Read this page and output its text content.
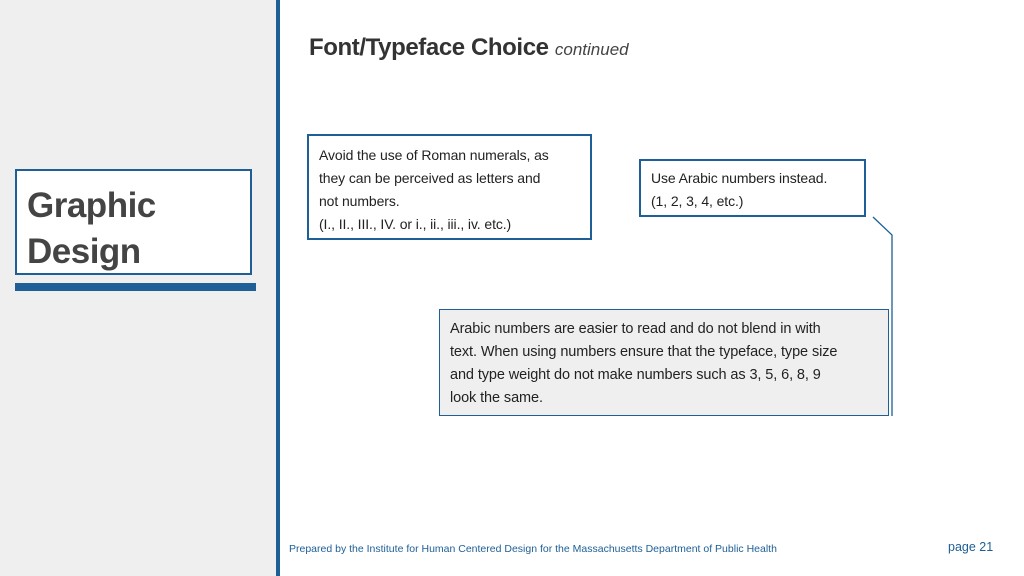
Graphic
Design
Font/Typeface Choice continued
Avoid the use of Roman numerals, as
they can be perceived as letters and
not numbers.
(I., II., III., IV. or i., ii., iii., iv. etc.)
Use Arabic numbers instead.
(1, 2, 3, 4, etc.)
Arabic numbers are easier to read and do not blend in with
text. When using numbers ensure that the typeface, type size
and type weight do not make numbers such as 3, 5, 6, 8, 9
look the same.
Prepared by the Institute for Human Centered Design for the Massachusetts Department of Public Health	page 21
